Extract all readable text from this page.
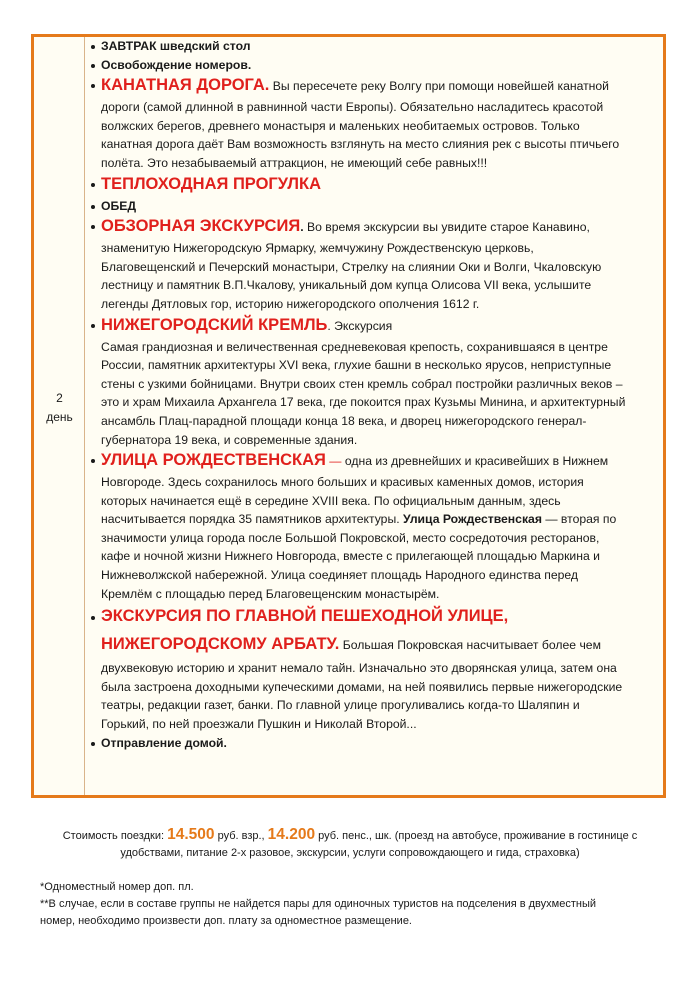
2
день
ЗАВТРАК шведский стол
Освобождение номеров.
КАНАТНАЯ ДОРОГА. Вы пересечете реку Волгу при помощи новейшей канатной
дороги (самой длинной в равнинной части Европы). Обязательно насладитесь красотой
волжских берегов, древнего монастыря и маленьких необитаемых островов. Только
канатная дорога даёт Вам возможность взглянуть на место слияния рек с высоты птичьего
полёта. Это незабываемый аттракцион, не имеющий себе равных!!!
ТЕПЛОХОДНАЯ ПРОГУЛКА
ОБЕД
ОБЗОРНАЯ ЭКСКУРСИЯ. Во время экскурсии вы увидите старое Канавино,
знаменитую Нижегородскую Ярмарку, жемчужину Рождественскую церковь,
Благовещенский и Печерский монастыри, Стрелку на слиянии Оки и Волги, Чкаловскую
лестницу и памятник В.П.Чкалову, уникальный дом купца Олисова VII века, услышите
легенды Дятловых гор, историю нижегородского ополчения 1612 г.
НИЖЕГОРОДСКИЙ КРЕМЛЬ. Экскурсия
Самая грандиозная и величественная средневековая крепость, сохранившаяся в центре
России, памятник архитектуры XVI века, глухие башни в несколько ярусов, неприступные
стены с узкими бойницами. Внутри своих стен кремль собрал постройки различных веков –
это и храм Михаила Архангела 17 века, где покоится прах Кузьмы Минина, и архитектурный
ансамбль Плац-парадной площади конца 18 века, и дворец нижегородского генерал-
губернатора 19 века, и современные здания.
УЛИЦА РОЖДЕСТВЕНСКАЯ — одна из древнейших и красивейших в Нижнем
Новгороде. Здесь сохранилось много больших и красивых каменных домов, история
которых начинается ещё в середине XVIII века. По официальным данным, здесь
насчитывается порядка 35 памятников архитектуры. Улица Рождественская — вторая по
значимости улица города после Большой Покровской, место сосредоточия ресторанов,
кафе и ночной жизни Нижнего Новгорода, вместе с прилегающей площадью Маркина и
Нижневолжской набережной. Улица соединяет площадь Народного единства перед
Кремлём с площадью перед Благовещенским монастырём.
ЭКСКУРСИЯ ПО ГЛАВНОЙ ПЕШЕХОДНОЙ УЛИЦЕ,
НИЖЕГОРОДСКОМУ АРБАТУ. Большая Покровская насчитывает более чем
двухвековую историю и хранит немало тайн. Изначально это дворянская улица, затем она
была застроена доходными купеческими домами, на ней появились первые нижегородские
театры, редакции газет, банки. По главной улице прогуливались когда-то Шаляпин и
Горький, по ней проезжали Пушкин и Николай Второй...
Отправление домой.
Стоимость поездки: 14.500 руб. взр., 14.200 руб. пенс., шк. (проезд на автобусе, проживание в гостинице с
удобствами, питание 2-х разовое, экскурсии, услуги сопровождающего и гида, страховка)
*Одноместный номер доп. пл.
**В случае, если в составе группы не найдется пары для одиночных туристов на подселения в двухместный
номер, необходимо произвести доп. плату за одноместное размещение.
